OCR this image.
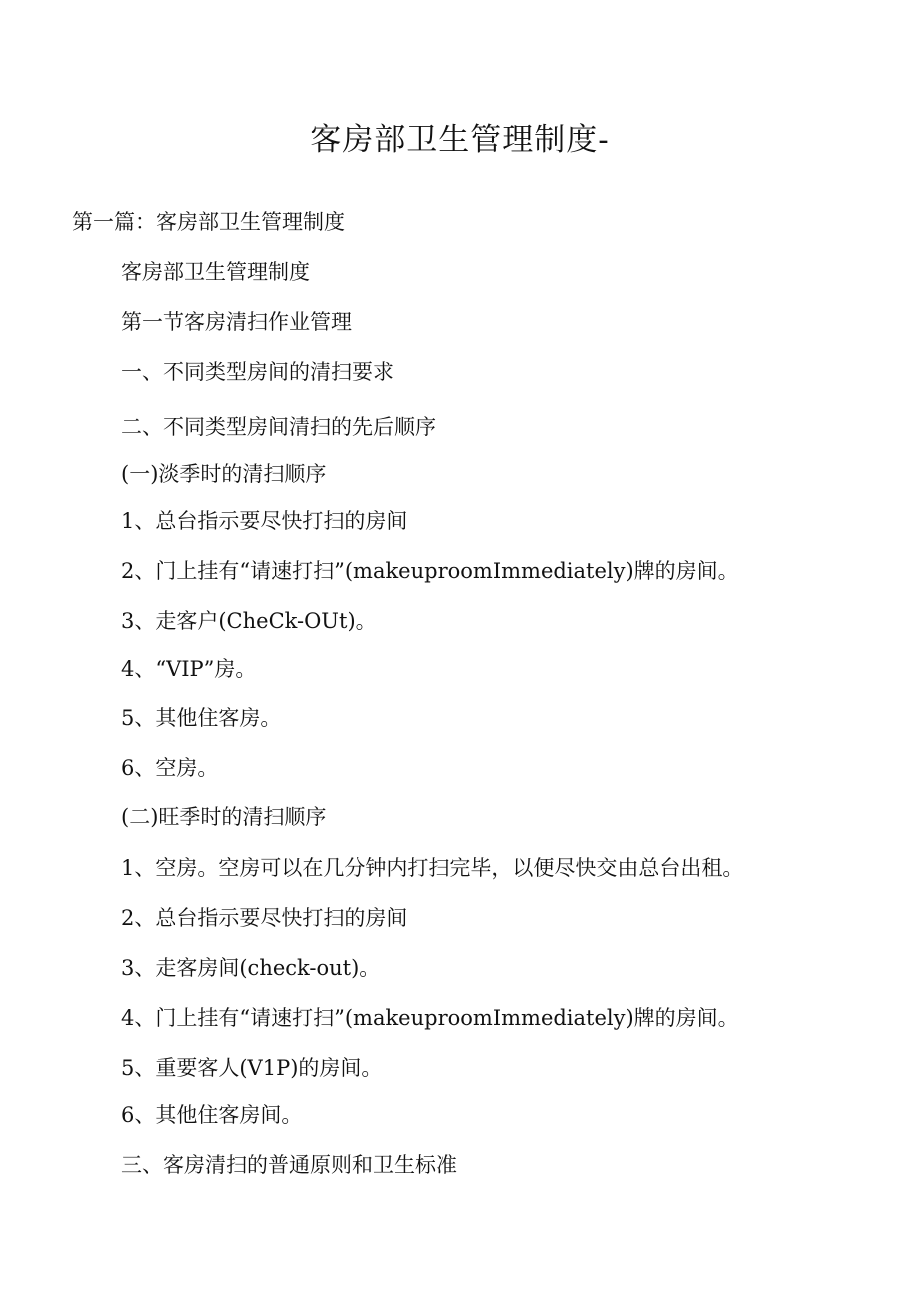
客房部卫生管理制度-
第一篇：客房部卫生管理制度
客房部卫生管理制度
第一节客房清扫作业管理
一、不同类型房间的清扫要求
二、不同类型房间清扫的先后顺序
(一)淡季时的清扫顺序
1、总台指示要尽快打扫的房间
2、门上挂有“请速打扫”(makeuproomImmediately)牌的房间。
3、走客户(CheCk-OUt)。
4、“VIP”房。
5、其他住客房。
6、空房。
(二)旺季时的清扫顺序
1、空房。空房可以在几分钟内打扫完毕，以便尽快交由总台出租。
2、总台指示要尽快打扫的房间
3、走客房间(check-out)。
4、门上挂有“请速打扫”(makeuproomImmediately)牌的房间。
5、重要客人(V1P)的房间。
6、其他住客房间。
三、客房清扫的普通原则和卫生标准
